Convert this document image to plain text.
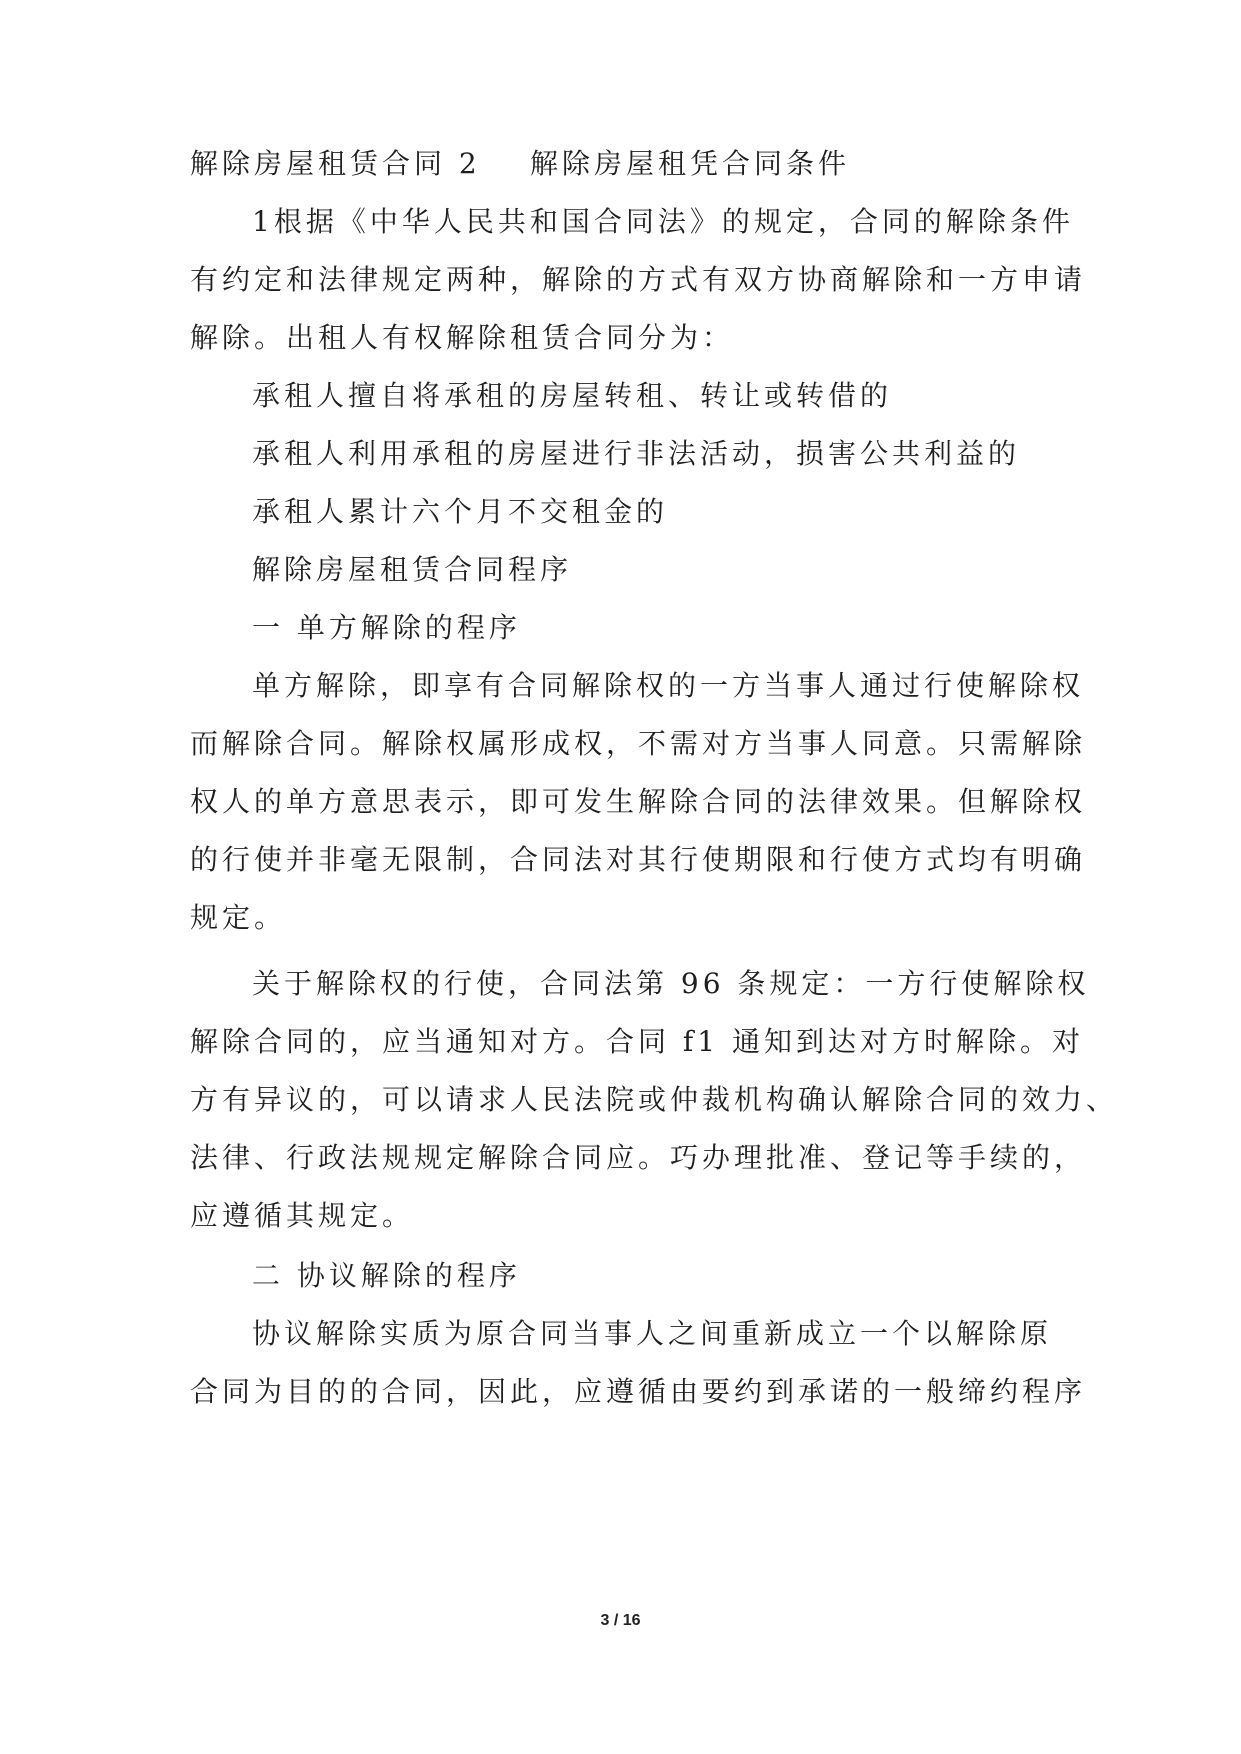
解除房屋租赁合同 2	解除房屋租凭合同条件
1根据《中华人民共和国合同法》的规定，合同的解除条件
有约定和法律规定两种，解除的方式有双方协商解除和一方申请
解除。出租人有权解除租赁合同分为：
承租人擅自将承租的房屋转租、转让或转借的
承租人利用承租的房屋进行非法活动，损害公共利益的
承租人累计六个月不交租金的
解除房屋租赁合同程序
一 单方解除的程序
单方解除，即享有合同解除权的一方当事人通过行使解除权
而解除合同。解除权属形成权，不需对方当事人同意。只需解除
权人的单方意思表示，即可发生解除合同的法律效果。但解除权
的行使并非毫无限制，合同法对其行使期限和行使方式均有明确
规定。
关于解除权的行使，合同法第 96 条规定：一方行使解除权
解除合同的，应当通知对方。合同 f1 通知到达对方时解除。对
方有异议的，可以请求人民法院或仲裁机构确认解除合同的效力、
法律、行政法规规定解除合同应。巧办理批准、登记等手续的，
应遵循其规定。
二 协议解除的程序
协议解除实质为原合同当事人之间重新成立一个以解除原
合同为目的的合同，因此，应遵循由要约到承诺的一般缔约程序
3 / 16
